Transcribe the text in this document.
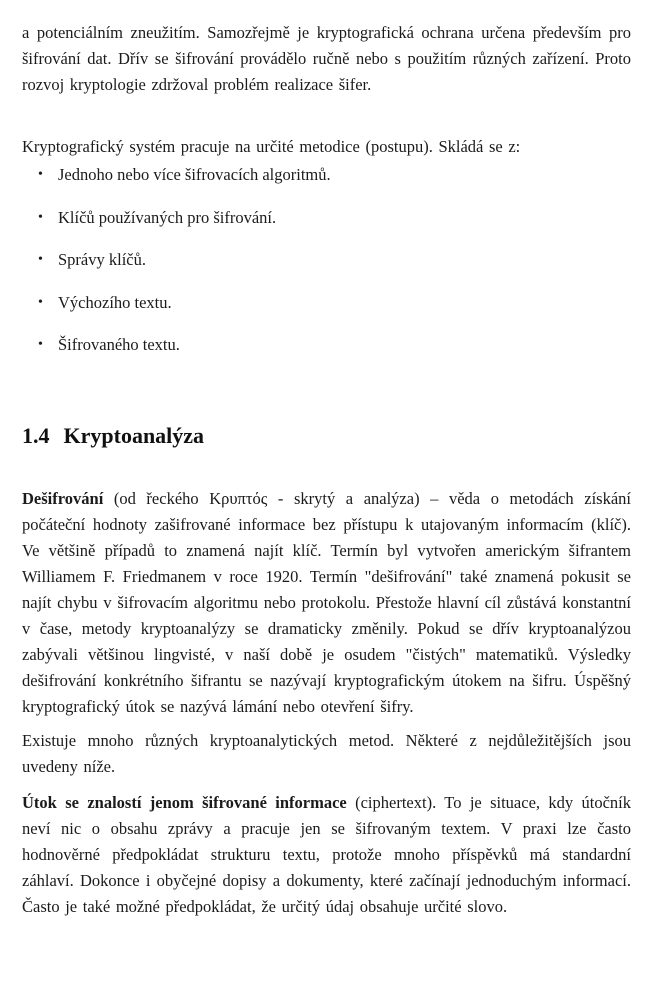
a potenciálním zneužitím. Samozřejmě je kryptografická ochrana určena především pro šifrování dat. Dřív se šifrování provádělo ručně nebo s použitím různých zařízení. Proto rozvoj kryptologie zdržoval problém realizace šifer.

Kryptografický systém pracuje na určité metodice (postupu). Skládá se z:

• Jednoho nebo více šifrovacích algoritmů.
• Klíčů používaných pro šifrování.
• Správy klíčů.
• Výchozího textu.
• Šifrovaného textu.
1.4 Kryptoanalýza

Dešifrování (od řeckého Κρυπτός - skrytý a analýza) – věda o metodách získání počáteční hodnoty zašifrované informace bez přístupu k utajovaným informacím (klíč). Ve většině případů to znamená najít klíč. Termín byl vytvořen americkým šifrantem Williamem F. Friedmanem v roce 1920. Termín "dešifrování" také znamená pokusit se najít chybu v šifrovacím algoritmu nebo protokolu. Přestože hlavní cíl zůstává konstantní v čase, metody kryptoanalýzy se dramaticky změnily. Pokud se dřív kryptoanalýzou zabývali většinou lingvisté, v naší době je osudem "čistých" matematiků. Výsledky dešifrování konkrétního šifrantu se nazývají kryptografickým útokem na šifru. Úspěšný kryptografický útok se nazývá lámání nebo otevření šifry.

Existuje mnoho různých kryptoanalytických metod. Některé z nejdůležitějších jsou uvedeny níže.

Útok se znalostí jenom šifrované informace (ciphertext). To je situace, kdy útočník neví nic o obsahu zprávy a pracuje jen se šifrovaným textem. V praxi lze často hodnověrné předpokládat strukturu textu, protože mnoho příspěvků má standardní záhlaví. Dokonce i obyčejné dopisy a dokumenty, které začínají jednoduchým informací. Často je také možné předpokládat, že určitý údaj obsahuje určité slovo.
